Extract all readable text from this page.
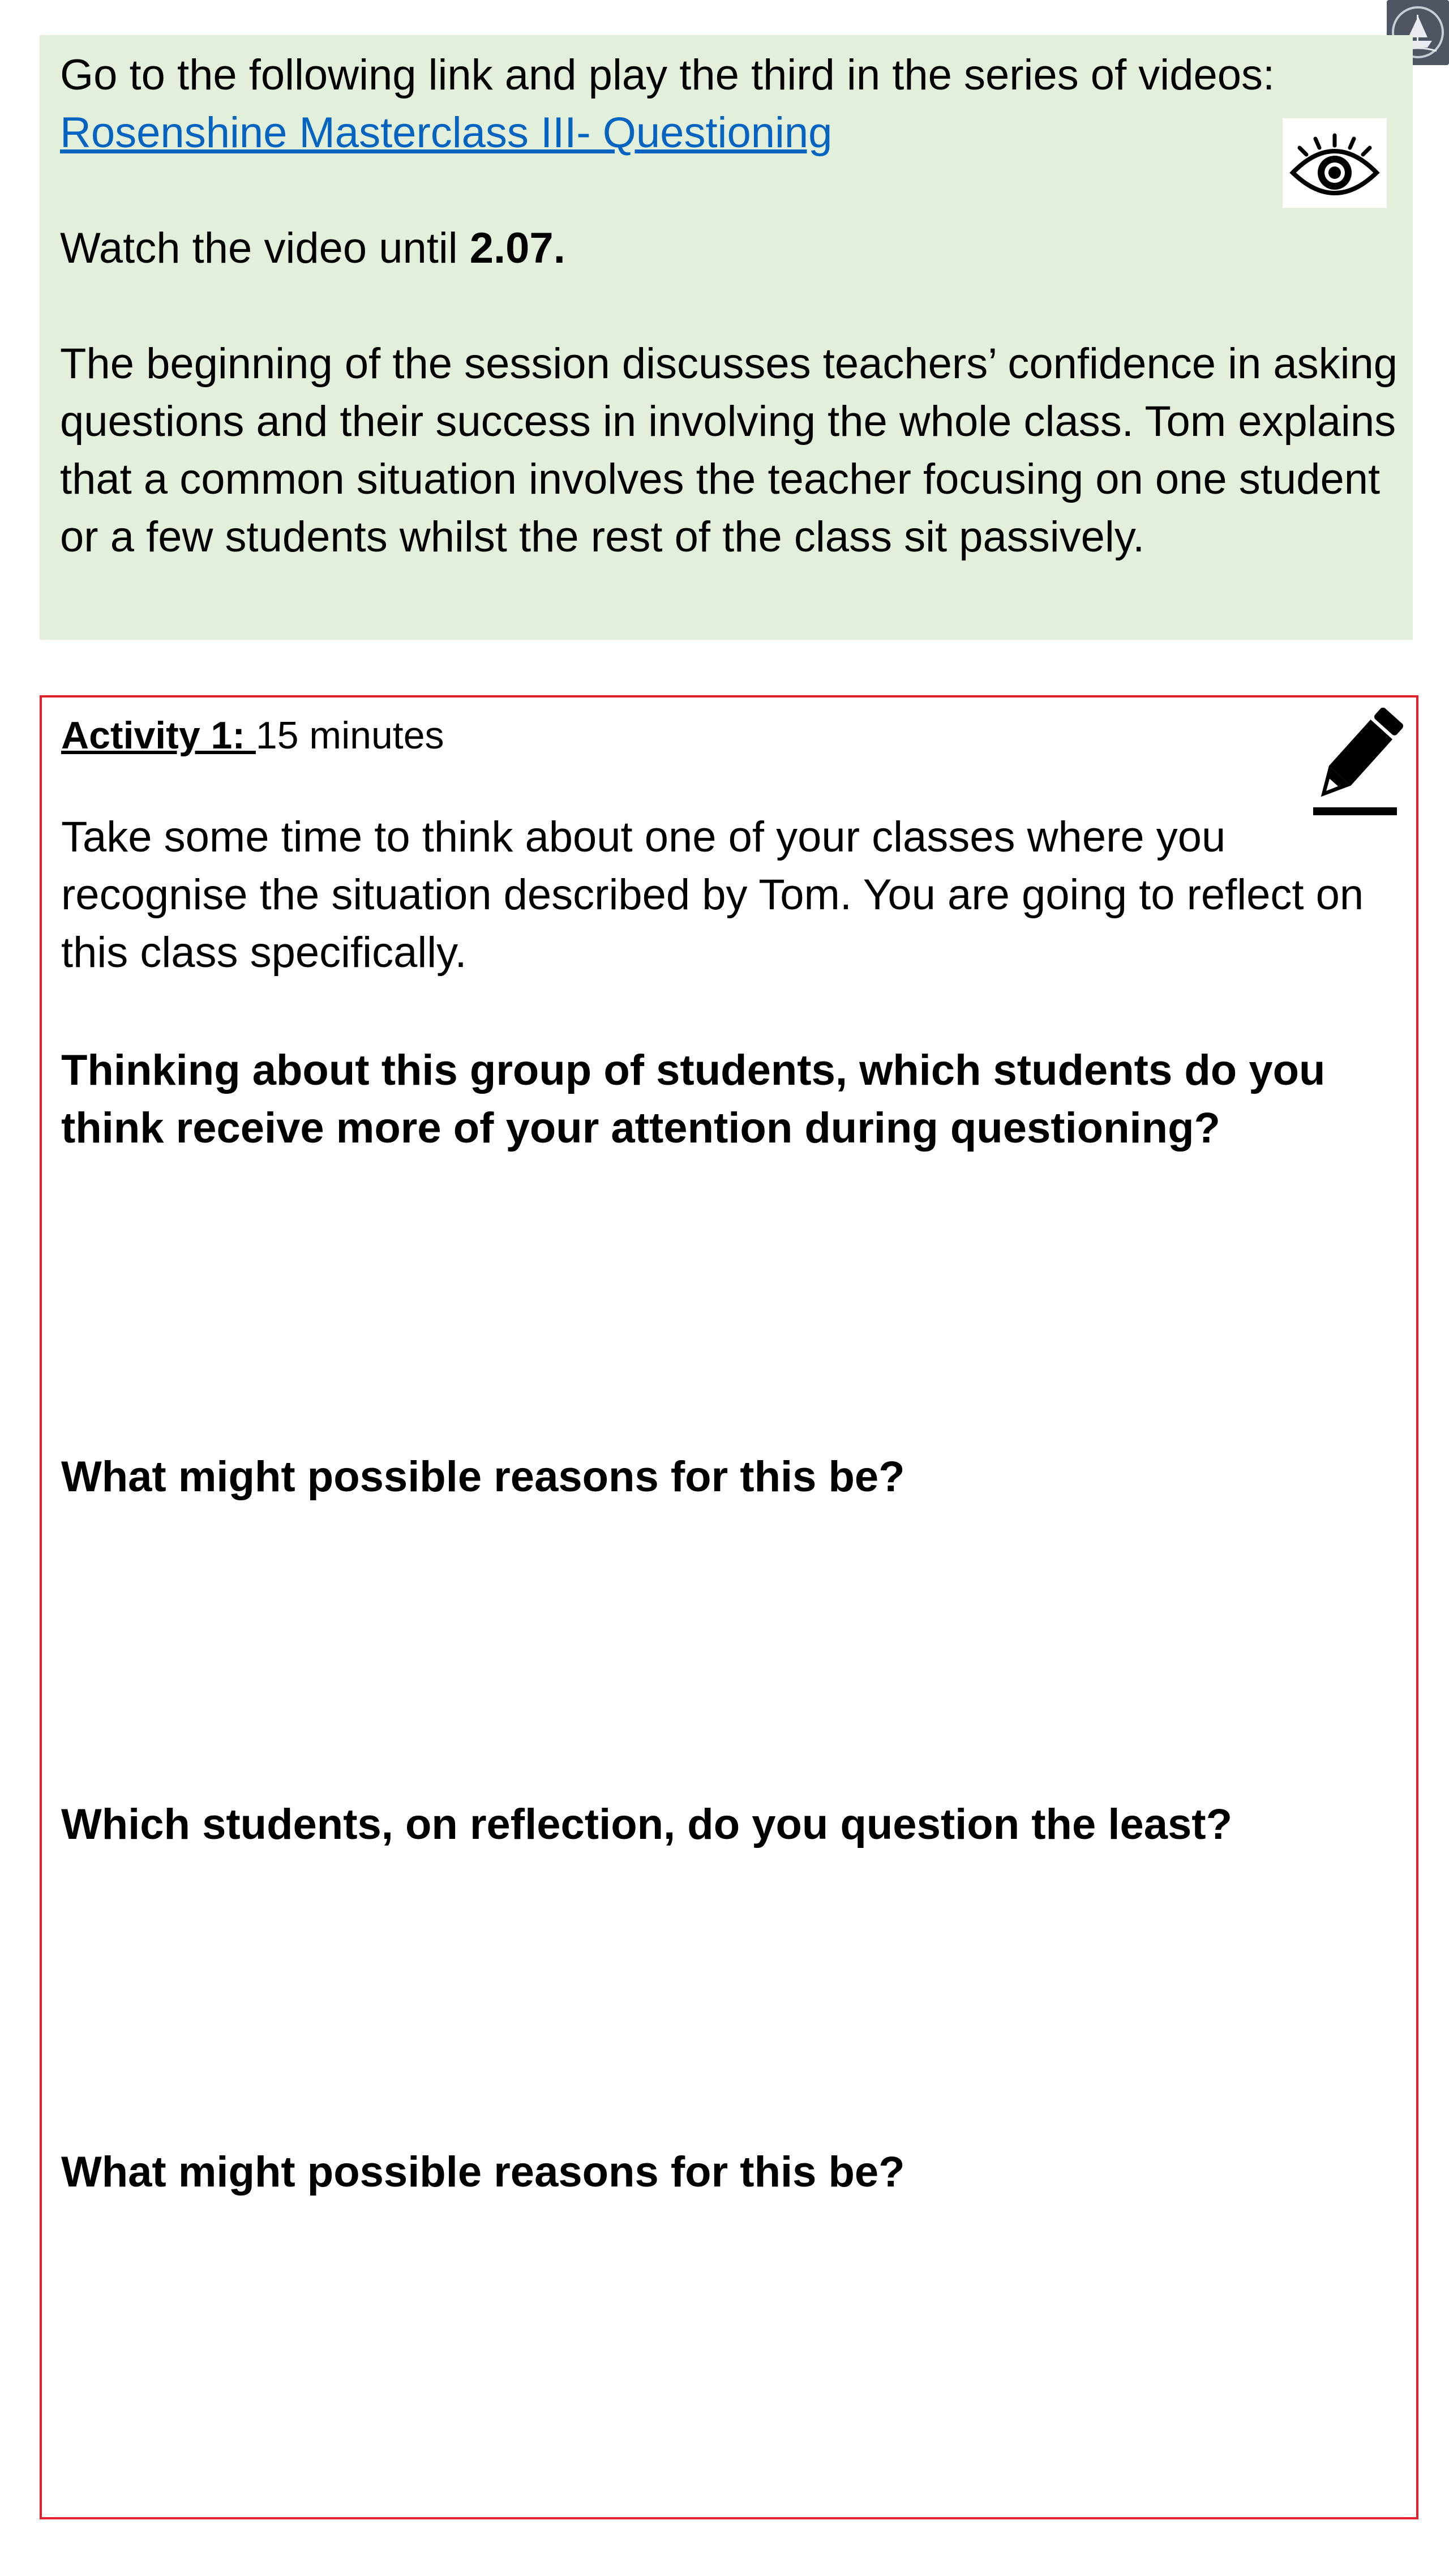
Go to the following link and play the third in the series of videos:

Rosenshine Masterclass III- Questioning

Watch the video until 2.07.

The beginning of the session discusses teachers’ confidence in asking questions and their success in involving the whole class. Tom explains that a common situation involves the teacher focusing on one student or a few students whilst the rest of the class sit passively.

Activity 1: 15 minutes

Take some time to think about one of your classes where you recognise the situation described by Tom. You are going to reflect on this class specifically.

Thinking about this group of students, which students do you think receive more of your attention during questioning?

What might possible reasons for this be?

Which students, on reflection, do you question the least?

What might possible reasons for this be?
